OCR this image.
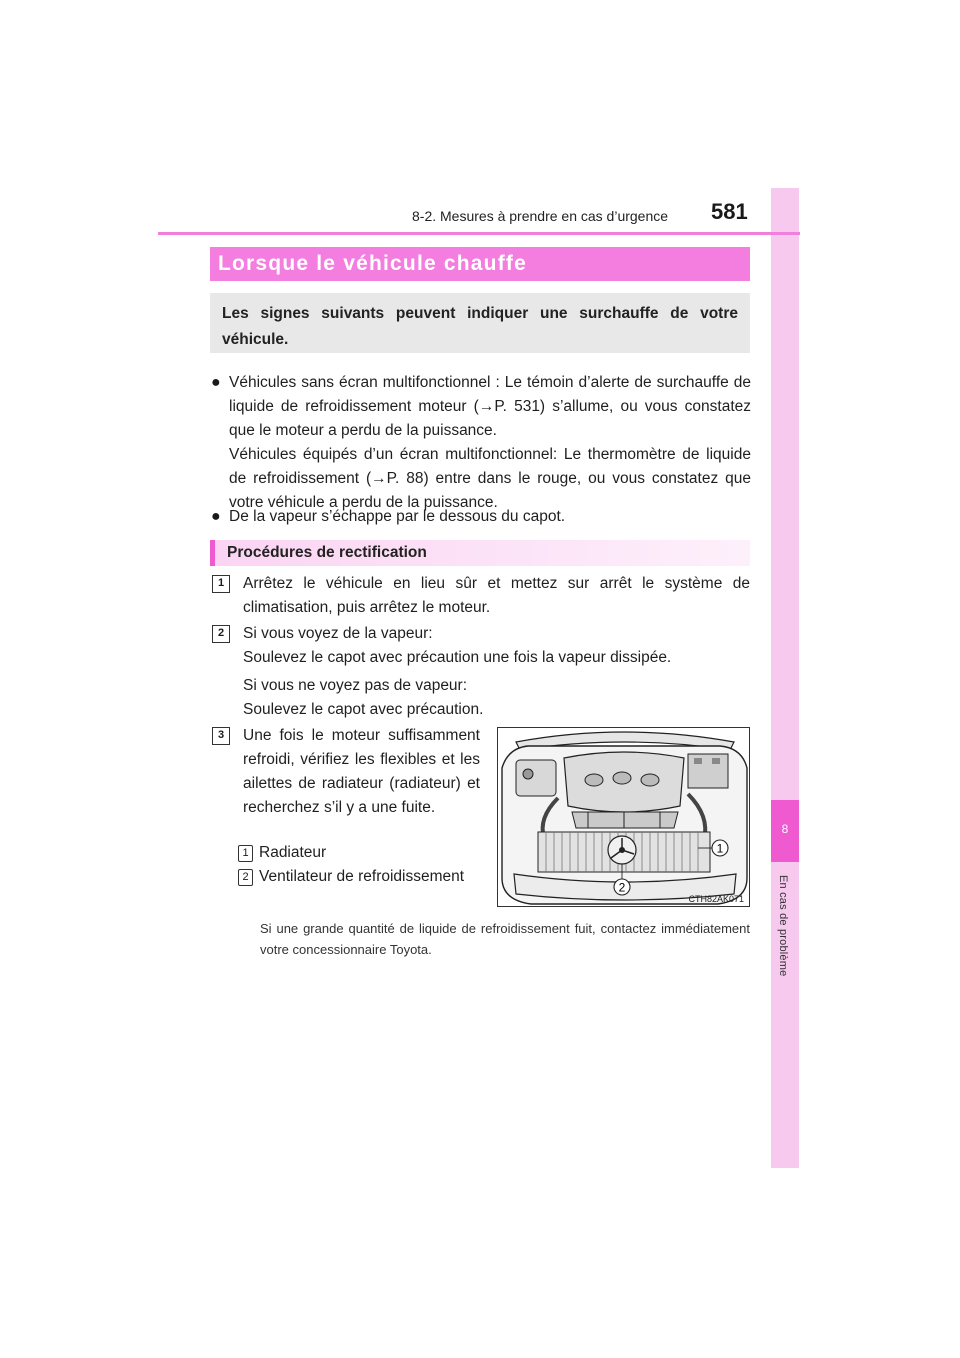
8
En cas de problème
8-2. Mesures à prendre en cas d’urgence 581
Lorsque le véhicule chauffe
Les signes suivants peuvent indiquer une surchauffe de votre véhicule.
● Véhicules sans écran multifonctionnel : Le témoin d’alerte de surchauffe de liquide de refroidissement moteur (→P. 531) s’allume, ou vous constatez que le moteur a perdu de la puissance.
Véhicules équipés d’un écran multifonctionnel: Le thermomètre de liquide de refroidissement (→P. 88) entre dans le rouge, ou vous constatez que votre véhicule a perdu de la puissance.
● De la vapeur s’échappe par le dessous du capot.
Procédures de rectification
1	Arrêtez le véhicule en lieu sûr et mettez sur arrêt le système de climatisation, puis arrêtez le moteur.
2	Si vous voyez de la vapeur:
Soulevez le capot avec précaution une fois la vapeur dissipée.
Si vous ne voyez pas de vapeur:
Soulevez le capot avec précaution.
3	Une fois le moteur suffisamment refroidi, vérifiez les flexibles et les ailettes de radiateur (radiateur) et recherchez s’il y a une fuite.
1 Radiateur
2 Ventilateur de refroidissement
1
2
CTH82AK071
Si une grande quantité de liquide de refroidissement fuit, contactez immédiatement votre concessionnaire Toyota.
